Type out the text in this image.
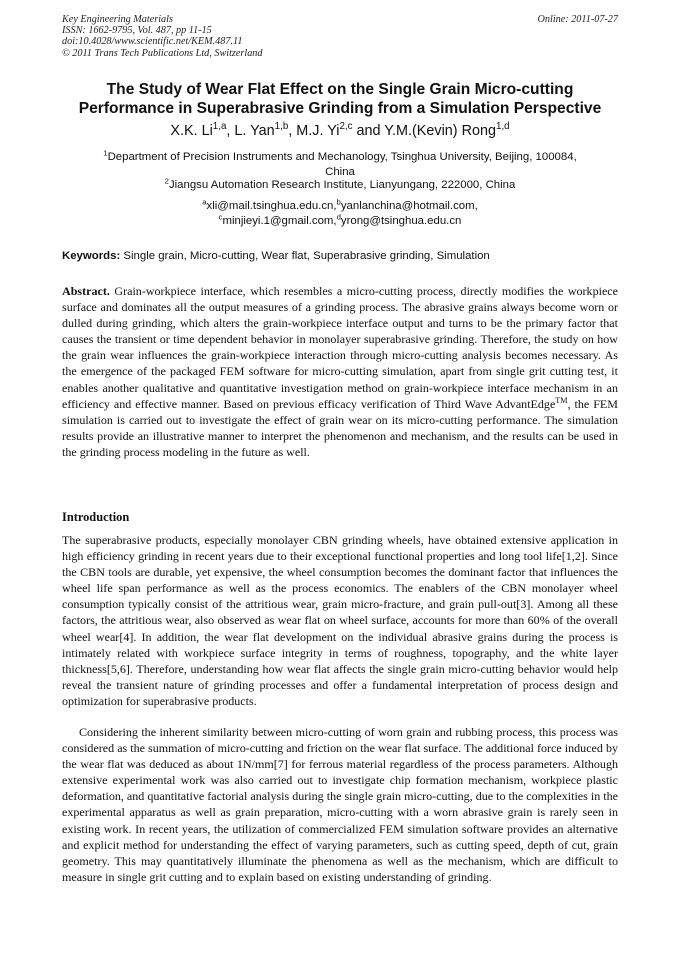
Key Engineering Materials
ISSN: 1662-9795, Vol. 487, pp 11-15
doi:10.4028/www.scientific.net/KEM.487.11
© 2011 Trans Tech Publications Ltd, Switzerland
Online: 2011-07-27
The Study of Wear Flat Effect on the Single Grain Micro-cutting
Performance in Superabrasive Grinding from a Simulation Perspective
X.K. Li$^{1,a}$, L. Yan$^{1,b}$, M.J. Yi$^{2,c}$ and Y.M.(Kevin) Rong$^{1,d}$
$^1$Department of Precision Instruments and Mechanology, Tsinghua University, Beijing, 100084,
China
$^2$Jiangsu Automation Research Institute, Lianyungang, 222000, China
$^a$xli@mail.tsinghua.edu.cn,$^b$yanlanchina@hotmail.com,
$^c$minjieyi.1@gmail.com,$^d$yrong@tsinghua.edu.cn
Keywords: Single grain, Micro-cutting, Wear flat, Superabrasive grinding, Simulation

Abstract. Grain-workpiece interface, which resembles a micro-cutting process, directly modifies the workpiece surface and dominates all the output measures of a grinding process. The abrasive grains always become worn or dulled during grinding, which alters the grain-workpiece interface output and turns to be the primary factor that causes the transient or time dependent behavior in monolayer superabrasive grinding. Therefore, the study on how the grain wear influences the grain-workpiece interaction through micro-cutting analysis becomes necessary. As the emergence of the packaged FEM software for micro-cutting simulation, apart from single grit cutting test, it enables another qualitative and quantitative investigation method on grain-workpiece interface mechanism in an efficiency and effective manner. Based on previous efficacy verification of Third Wave AdvantEdge™, the FEM simulation is carried out to investigate the effect of grain wear on its micro-cutting performance. The simulation results provide an illustrative manner to interpret the phenomenon and mechanism, and the results can be used in the grinding process modeling in the future as well.

Introduction

The superabrasive products, especially monolayer CBN grinding wheels, have obtained extensive application in high efficiency grinding in recent years due to their exceptional functional properties and long tool life[1,2]. Since the CBN tools are durable, yet expensive, the wheel consumption becomes the dominant factor that influences the wheel life span performance as well as the process economics. The enablers of the CBN monolayer wheel consumption typically consist of the attritious wear, grain micro-fracture, and grain pull-out[3]. Among all these factors, the attritious wear, also observed as wear flat on wheel surface, accounts for more than 60% of the overall wheel wear[4]. In addition, the wear flat development on the individual abrasive grains during the process is intimately related with workpiece surface integrity in terms of roughness, topography, and the white layer thickness[5,6]. Therefore, understanding how wear flat affects the single grain micro-cutting behavior would help reveal the transient nature of grinding processes and offer a fundamental interpretation of process design and optimization for superabrasive products.

Considering the inherent similarity between micro-cutting of worn grain and rubbing process, this process was considered as the summation of micro-cutting and friction on the wear flat surface. The additional force induced by the wear flat was deduced as about 1N/mm[7] for ferrous material regardless of the process parameters. Although extensive experimental work was also carried out to investigate chip formation mechanism, workpiece plastic deformation, and quantitative factorial analysis during the single grain micro-cutting, due to the complexities in the experimental apparatus as well as grain preparation, micro-cutting with a worn abrasive grain is rarely seen in existing work. In recent years, the utilization of commercialized FEM simulation software provides an alternative and explicit method for understanding the effect of varying parameters, such as cutting speed, depth of cut, grain geometry. This may quantitatively illuminate the phenomena as well as the mechanism, which are difficult to measure in single grit cutting and to explain based on existing understanding of grinding.
